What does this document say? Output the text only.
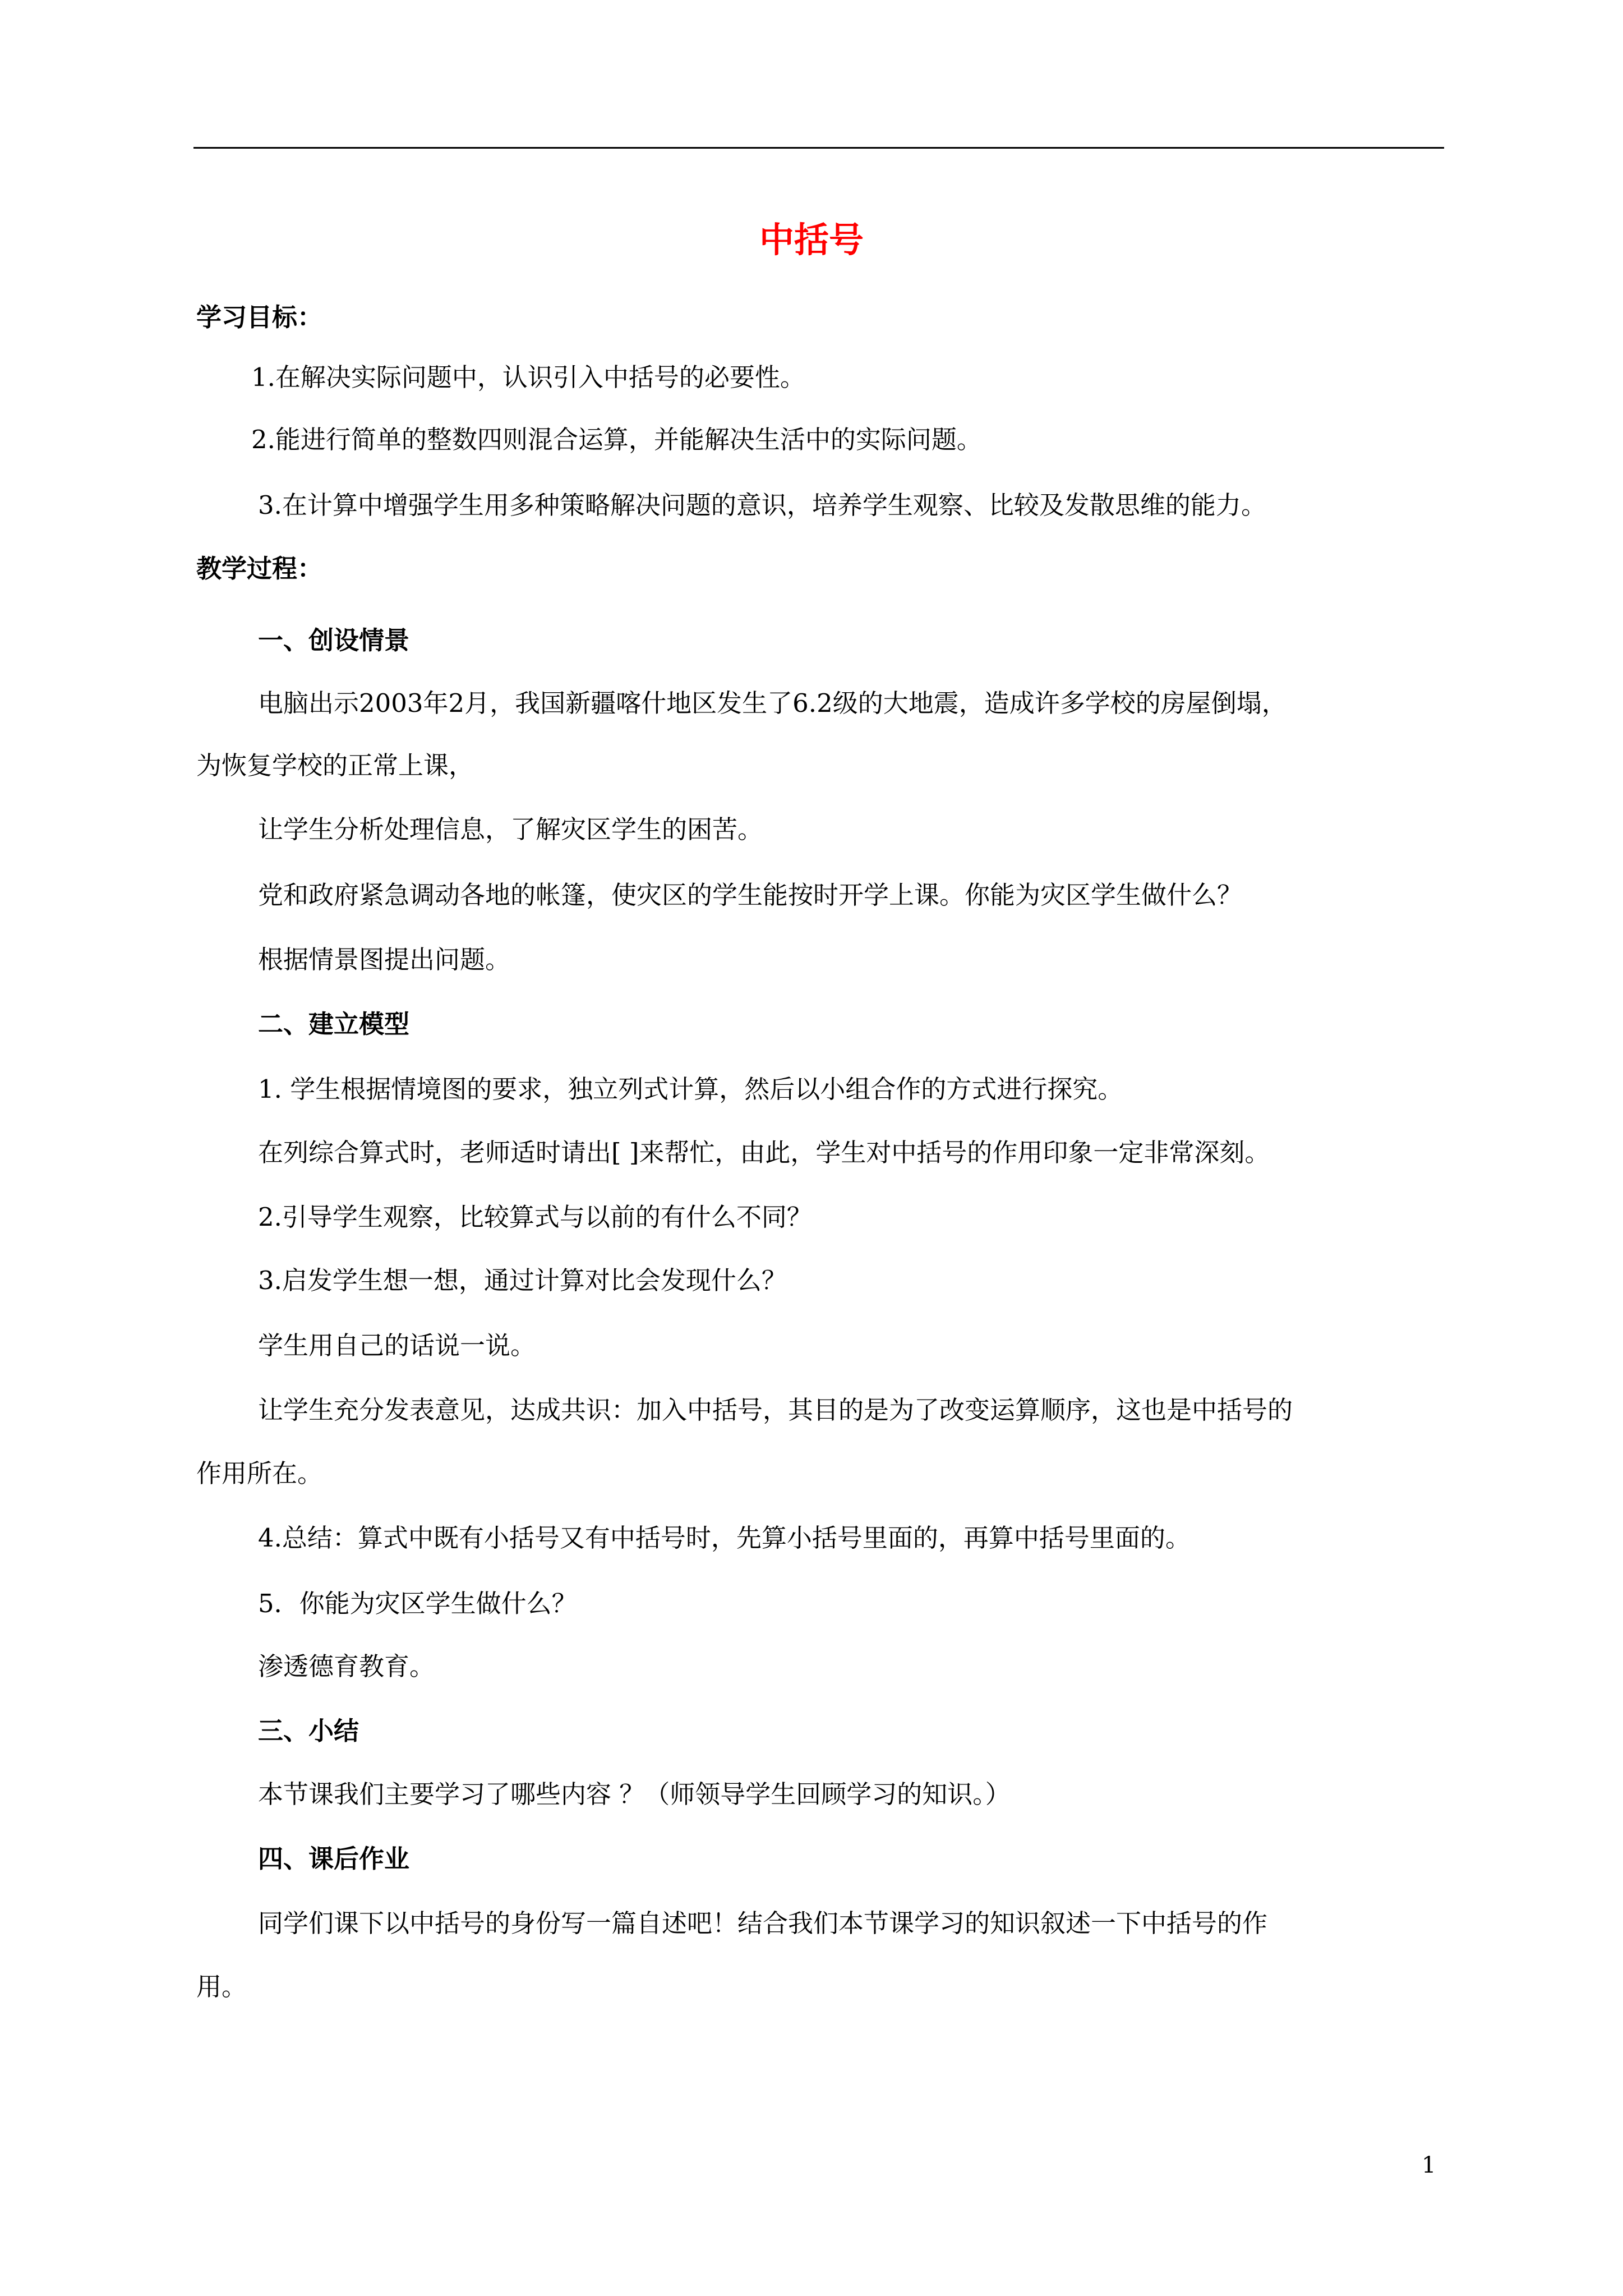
中括号
学习目标：
1.在解决实际问题中，认识引入中括号的必要性。
2.能进行简单的整数四则混合运算，并能解决生活中的实际问题。
3.在计算中增强学生用多种策略解决问题的意识，培养学生观察、比较及发散思维的能力。
教学过程：
一、创设情景
电脑出示2003年2月，我国新疆喀什地区发生了6.2级的大地震，造成许多学校的房屋倒塌，
为恢复学校的正常上课，
让学生分析处理信息，了解灾区学生的困苦。
党和政府紧急调动各地的帐篷，使灾区的学生能按时开学上课。你能为灾区学生做什么？
根据情景图提出问题。
二、建立模型
1. 学生根据情境图的要求，独立列式计算，然后以小组合作的方式进行探究。
在列综合算式时，老师适时请出[ ]来帮忙，由此，学生对中括号的作用印象一定非常深刻。
2.引导学生观察，比较算式与以前的有什么不同？
3.启发学生想一想，通过计算对比会发现什么？
学生用自己的话说一说。
让学生充分发表意见，达成共识：加入中括号，其目的是为了改变运算顺序，这也是中括号的
作用所在。
4.总结：算式中既有小括号又有中括号时，先算小括号里面的，再算中括号里面的。
5．你能为灾区学生做什么？
渗透德育教育。
三、小结
本节课我们主要学习了哪些内容 ？（师领导学生回顾学习的知识。）
四、课后作业
同学们课下以中括号的身份写一篇自述吧！结合我们本节课学习的知识叙述一下中括号的作
用。
1
